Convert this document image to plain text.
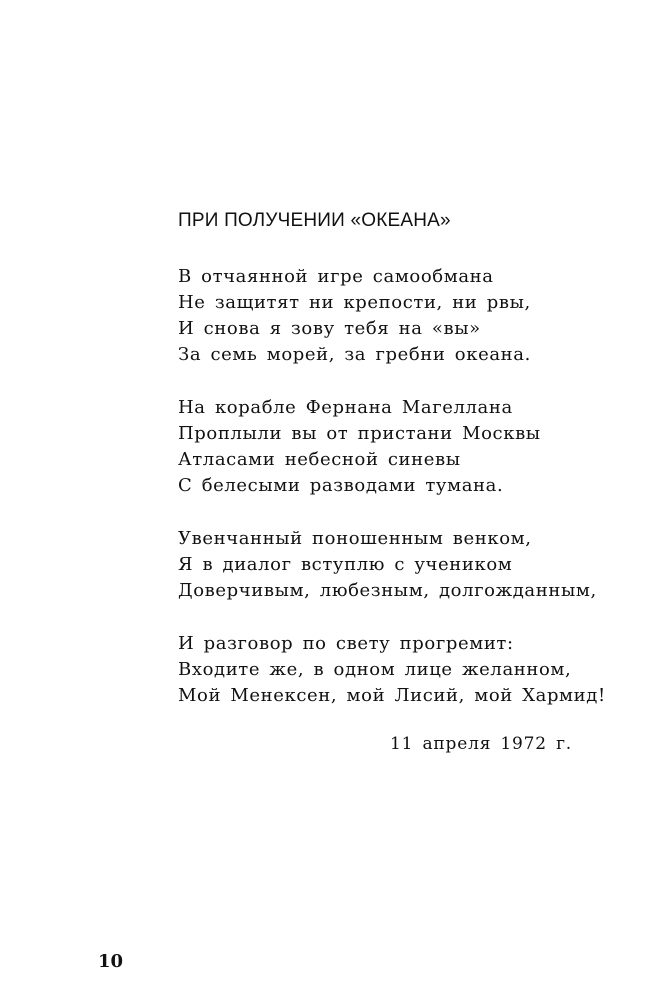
ПРИ ПОЛУЧЕНИИ «ОКЕАНА»
В отчаянной игре самообмана
Не защитят ни крепости, ни рвы,
И снова я зову тебя на «вы»
За семь морей, за гребни океана.
На корабле Фернана Магеллана
Проплыли вы от пристани Москвы
Атласами небесной синевы
С белесыми разводами тумана.
Увенчанный поношенным венком,
Я в диалог вступлю с учеником
Доверчивым, любезным, долгожданным,
И разговор по свету прогремит:
Входите же, в одном лице желанном,
Мой Менексен, мой Лисий, мой Хармид!
11 апреля 1972 г.
10
